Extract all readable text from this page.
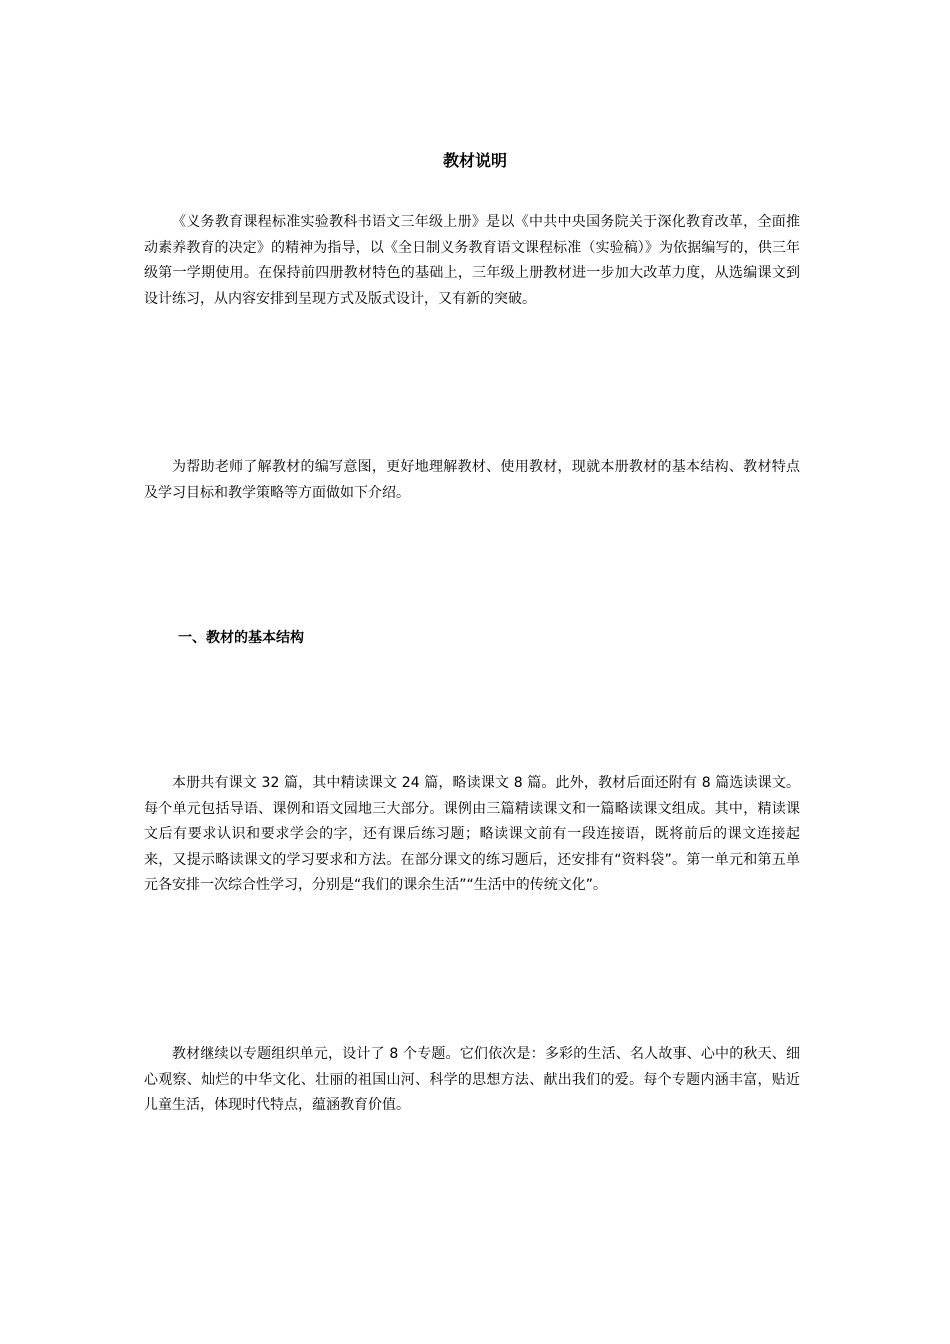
教材说明

《义务教育课程标准实验教科书语文三年级上册》是以《中共中央国务院关于深化教育改革，全面推动素养教育的决定》的精神为指导，以《全日制义务教育语文课程标准（实验稿）》为依据编写的，供三年级第一学期使用。在保持前四册教材特色的基础上，三年级上册教材进一步加大改革力度，从选编课文到设计练习，从内容安排到呈现方式及版式设计，又有新的突破。

为帮助老师了解教材的编写意图，更好地理解教材、使用教材，现就本册教材的基本结构、教材特点及学习目标和教学策略等方面做如下介绍。

一、教材的基本结构

本册共有课文 32 篇，其中精读课文 24 篇，略读课文 8 篇。此外，教材后面还附有 8 篇选读课文。每个单元包括导语、课例和语文园地三大部分。课例由三篇精读课文和一篇略读课文组成。其中，精读课文后有要求认识和要求学会的字，还有课后练习题；略读课文前有一段连接语，既将前后的课文连接起来，又提示略读课文的学习要求和方法。在部分课文的练习题后，还安排有“资料袋”。第一单元和第五单元各安排一次综合性学习，分别是“我们的课余生活”“生活中的传统文化”。

教材继续以专题组织单元，设计了 8 个专题。它们依次是：多彩的生活、名人故事、心中的秋天、细心观察、灿烂的中华文化、壮丽的祖国山河、科学的思想方法、献出我们的爱。每个专题内涵丰富，贴近儿童生活，体现时代特点，蕴涵教育价值。
